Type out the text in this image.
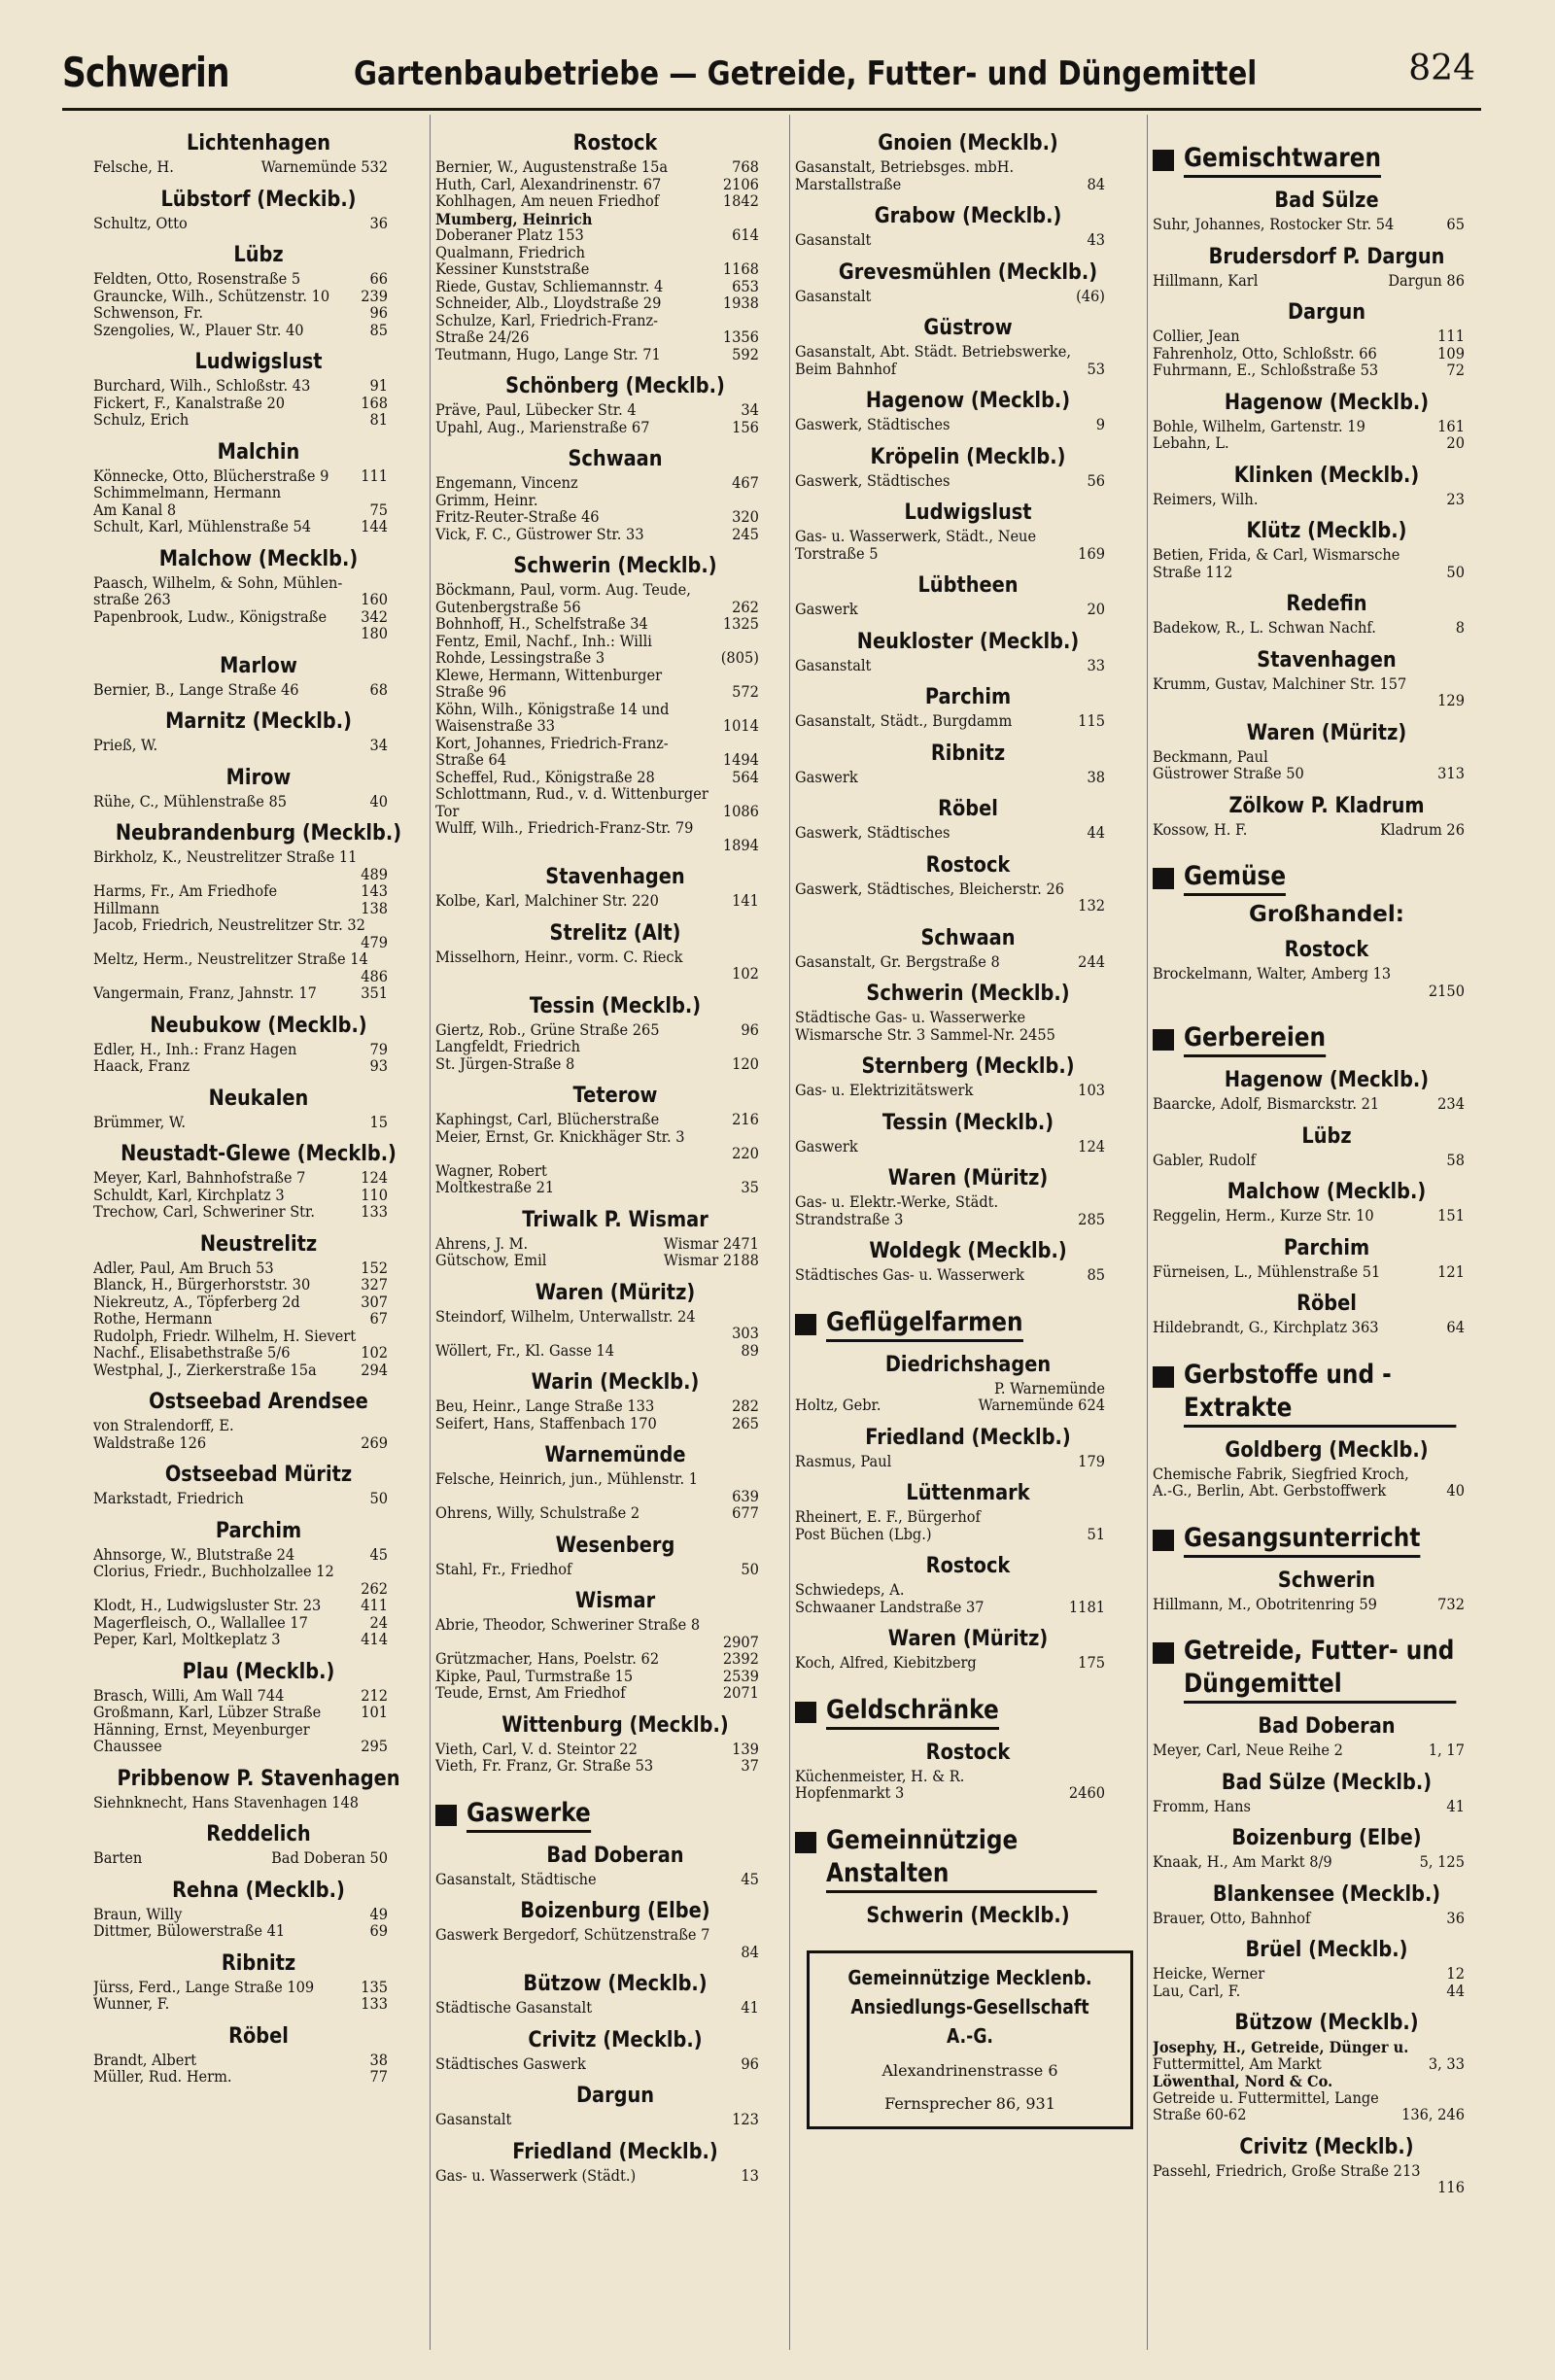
Schwerin	Gartenbaubetriebe — Getreide, Futter- und Düngemittel	824
Lichtenhagen
Felsche, H.	Warnemünde 532
Lübstorf (Meckib.)
Schultz, Otto	36
Lübz
Feldten, Otto, Rosenstraße 5	66
Grauncke, Wilh., Schützenstr. 10 239
Schwenson, Fr.	96
Szengolies, W., Plauer Str. 40	85
Ludwigslust
Burchard, Wilh., Schloßstr. 43	91
Fickert, F., Kanalstraße 20	168
Schulz, Erich	81
Malchin
Könnecke, Otto, Blücherstraße 9 111
Schimmelmann, Hermann
Am Kanal 8	75
Schult, Karl, Mühlenstraße 54	144
Malchow (Mecklb.)
Paasch, Wilhelm, & Sohn, Mühlen-
straße 263	160
Papenbrook, Ludw., Königstraße 342

180
Marlow
Bernier, B., Lange Straße 46	68
Marnitz (Mecklb.)
Prieß, W.	34
Mirow
Rühe, C., Mühlenstraße 85	40
Neubrandenburg (Mecklb.)
Birkholz, K., Neustrelitzer Straße 11

489
Harms, Fr., Am Friedhofe	143
Hillmann	138
Jacob, Friedrich, Neustrelitzer Str. 32

479
Meltz, Herm., Neustrelitzer Straße 14

486
Vangermain, Franz, Jahnstr. 17	351
Neubukow (Mecklb.)
Edler, H., Inh.: Franz Hagen	79
Haack, Franz	93
Neukalen
Brümmer, W.	15
Neustadt-Glewe (Mecklb.)
Meyer, Karl, Bahnhofstraße 7	124
Schuldt, Karl, Kirchplatz 3	110
Trechow, Carl, Schweriner Str.	133
Neustrelitz
Adler, Paul, Am Bruch 53	152
Blanck, H., Bürgerhorststr. 30	327
Niekreutz, A., Töpferberg 2d	307
Rothe, Hermann	67
Rudolph, Friedr. Wilhelm, H. Sievert
Nachf., Elisabethstraße 5/6	102
Westphal, J., Zierkerstraße 15a	294
Ostseebad Arendsee
von Stralendorff, E.
Waldstraße 126	269
Ostseebad Müritz
Markstadt, Friedrich	50
Parchim
Ahnsorge, W., Blutstraße 24	45
Clorius, Friedr., Buchholzallee 12

262
Klodt, H., Ludwigsluster Str. 23	411
Magerfleisch, O., Wallallee 17	24
Peper, Karl, Moltkeplatz 3	414
Plau (Mecklb.)
Brasch, Willi, Am Wall 744	212
Großmann, Karl, Lübzer Straße	101
Hänning, Ernst, Meyenburger
Chaussee	295
Pribbenow P. Stavenhagen
Siehnknecht, Hans Stavenhagen 148
Reddelich
Barten	Bad Doberan 50
Rehna (Mecklb.)
Braun, Willy	49
Dittmer, Bülowerstraße 41	69
Ribnitz
Jürss, Ferd., Lange Straße 109	135
Wunner, F.	133
Röbel
Brandt, Albert	38
Müller, Rud. Herm.	77
Rostock
Bernier, W., Augustenstraße 15a	768
Huth, Carl, Alexandrinenstr. 67	2106
Kohlhagen, Am neuen Friedhof	1842
Mumberg, Heinrich
Doberaner Platz 153	614
Qualmann, Friedrich
Kessiner Kunststraße	1168
Riede, Gustav, Schliemannstr. 4	653
Schneider, Alb., Lloydstraße 29	1938
Schulze, Karl, Friedrich-Franz-
Straße 24/26	1356
Teutmann, Hugo, Lange Str. 71	592
Schönberg (Mecklb.)
Präve, Paul, Lübecker Str. 4	34
Upahl, Aug., Marienstraße 67	156
Schwaan
Engemann, Vincenz	467
Grimm, Heinr.
Fritz-Reuter-Straße 46	320
Vick, F. C., Güstrower Str. 33	245
Schwerin (Mecklb.)
Böckmann, Paul, vorm. Aug. Teude,
Gutenbergstraße 56	262
Bohnhoff, H., Schelfstraße 34	1325
Fentz, Emil, Nachf., Inh.: Willi
Rohde, Lessingstraße 3	(805)
Klewe, Hermann, Wittenburger
Straße 96	572
Köhn, Wilh., Königstraße 14 und
Waisenstraße 33	1014
Kort, Johannes, Friedrich-Franz-
Straße 64	1494
Scheffel, Rud., Königstraße 28	564
Schlottmann, Rud., v. d. Wittenburger
Tor	1086
Wulff, Wilh., Friedrich-Franz-Str. 79

1894
Stavenhagen
Kolbe, Karl, Malchiner Str. 220	141
Strelitz (Alt)
Misselhorn, Heinr., vorm. C. Rieck

102
Tessin (Mecklb.)
Giertz, Rob., Grüne Straße 265	96
Langfeldt, Friedrich
St. Jürgen-Straße 8	120
Teterow
Kaphingst, Carl, Blücherstraße	216
Meier, Ernst, Gr. Knickhäger Str. 3

220
Wagner, Robert
Moltkestraße 21	35
Triwalk P. Wismar
Ahrens, J. M.	Wismar 2471
Gütschow, Emil	Wismar 2188
Waren (Müritz)
Steindorf, Wilhelm, Unterwallstr. 24

303
Wöllert, Fr., Kl. Gasse 14	89
Warin (Mecklb.)
Beu, Heinr., Lange Straße 133	282
Seifert, Hans, Staffenbach 170	265
Warnemünde
Felsche, Heinrich, jun., Mühlenstr. 1

639
Ohrens, Willy, Schulstraße 2	677
Wesenberg
Stahl, Fr., Friedhof	50
Wismar
Abrie, Theodor, Schweriner Straße 8

2907
Grützmacher, Hans, Poelstr. 62	2392
Kipke, Paul, Turmstraße 15	2539
Teude, Ernst, Am Friedhof	2071
Wittenburg (Mecklb.)
Vieth, Carl, V. d. Steintor 22	139
Vieth, Fr. Franz, Gr. Straße 53	37
Gaswerke
Bad Doberan
Gasanstalt, Städtische	45
Boizenburg (Elbe)
Gaswerk Bergedorf, Schützenstraße 7

84
Bützow (Mecklb.)
Städtische Gasanstalt	41
Crivitz (Mecklb.)
Städtisches Gaswerk	96
Dargun
Gasanstalt	123
Friedland (Mecklb.)
Gas- u. Wasserwerk (Städt.)	13
Gnoien (Mecklb.)
Gasanstalt, Betriebsges. mbH.
Marstallstraße	84
Grabow (Mecklb.)
Gasanstalt	43
Grevesmühlen (Mecklb.)
Gasanstalt	(46)
Güstrow
Gasanstalt, Abt. Städt. Betriebswerke,
Beim Bahnhof	53
Hagenow (Mecklb.)
Gaswerk, Städtisches	9
Kröpelin (Mecklb.)
Gaswerk, Städtisches	56
Ludwigslust
Gas- u. Wasserwerk, Städt., Neue
Torstraße 5	169
Lübtheen
Gaswerk	20
Neukloster (Mecklb.)
Gasanstalt	33
Parchim
Gasanstalt, Städt., Burgdamm	115
Ribnitz
Gaswerk	38
Röbel
Gaswerk, Städtisches	44
Rostock
Gaswerk, Städtisches, Bleicherstr. 26

132
Schwaan
Gasanstalt, Gr. Bergstraße 8	244
Schwerin (Mecklb.)
Städtische Gas- u. Wasserwerke
Wismarsche Str. 3 Sammel-Nr. 2455
Sternberg (Mecklb.)
Gas- u. Elektrizitätswerk	103
Tessin (Mecklb.)
Gaswerk	124
Waren (Müritz)
Gas- u. Elektr.-Werke, Städt.
Strandstraße 3	285
Woldegk (Mecklb.)
Städtisches Gas- u. Wasserwerk	85
Geflügelfarmen
Diedrichshagen

P. Warnemünde
Holtz, Gebr.	Warnemünde 624
Friedland (Mecklb.)
Rasmus, Paul	179
Lüttenmark
Rheinert, E. F., Bürgerhof
Post Büchen (Lbg.)	51
Rostock
Schwiedeps, A.
Schwaaner Landstraße 37	1181
Waren (Müritz)
Koch, Alfred, Kiebitzberg	175
Geldschränke
Rostock
Küchenmeister, H. & R.
Hopfenmarkt 3	2460
Gemeinnützige Anstalten
Schwerin (Mecklb.)
Gemeinnützige Mecklenb. Ansiedlungs-Gesellschaft A.-G.
Alexandrinenstrasse 6
Fernsprecher 86, 931
Gemischtwaren
Bad Sülze
Suhr, Johannes, Rostocker Str. 54	65
Brudersdorf P. Dargun
Hillmann, Karl	Dargun 86
Dargun
Collier, Jean	111
Fahrenholz, Otto, Schloßstr. 66	109
Fuhrmann, E., Schloßstraße 53	72
Hagenow (Mecklb.)
Bohle, Wilhelm, Gartenstr. 19	161
Lebahn, L.	20
Klinken (Mecklb.)
Reimers, Wilh.	23
Klütz (Mecklb.)
Betien, Frida, & Carl, Wismarsche
Straße 112	50
Redefin
Badekow, R., L. Schwan Nachf.	8
Stavenhagen
Krumm, Gustav, Malchiner Str. 157

129
Waren (Müritz)
Beckmann, Paul
Güstrower Straße 50	313
Zölkow P. Kladrum
Kossow, H. F.	Kladrum 26
Gemüse
Großhandel:
Rostock
Brockelmann, Walter, Amberg 13

2150
Gerbereien
Hagenow (Mecklb.)
Baarcke, Adolf, Bismarckstr. 21	234
Lübz
Gabler, Rudolf	58
Malchow (Mecklb.)
Reggelin, Herm., Kurze Str. 10	151
Parchim
Fürneisen, L., Mühlenstraße 51	121
Röbel
Hildebrandt, G., Kirchplatz 363	64
Gerbstoffe und -Extrakte
Goldberg (Mecklb.)
Chemische Fabrik, Siegfried Kroch,
A.-G., Berlin, Abt. Gerbstoffwerk	40
Gesangsunterricht
Schwerin
Hillmann, M., Obotritenring 59	732
Getreide, Futter- und Düngemittel
Bad Doberan
Meyer, Carl, Neue Reihe 2	1, 17
Bad Sülze (Mecklb.)
Fromm, Hans	41
Boizenburg (Elbe)
Knaak, H., Am Markt 8/9	5, 125
Blankensee (Mecklb.)
Brauer, Otto, Bahnhof	36
Brüel (Mecklb.)
Heicke, Werner	12
Lau, Carl, F.	44
Bützow (Mecklb.)
Josephy, H., Getreide, Dünger u.
Futtermittel, Am Markt	3, 33
Löwenthal, Nord & Co.
Getreide u. Futtermittel, Lange
Straße 60-62	136, 246
Crivitz (Mecklb.)
Passehl, Friedrich, Große Straße 213

116
